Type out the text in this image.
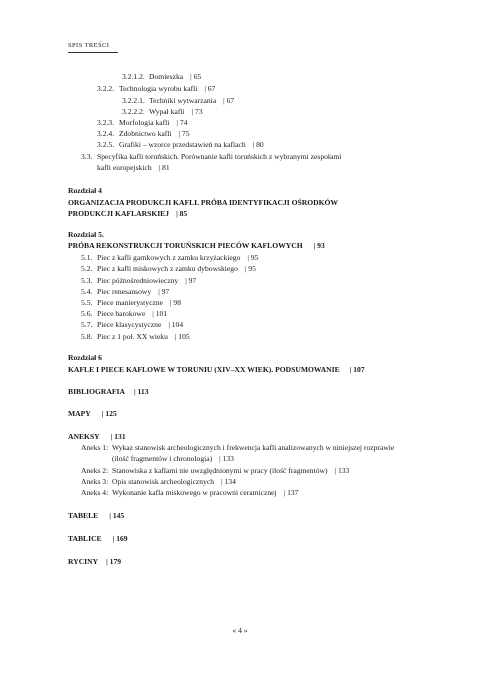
SPIS TREŚCI
3.2.1.2. Domieszka | 65
3.2.2. Technologia wyrobu kafli | 67
3.2.2.1. Techniki wytwarzania | 67
3.2.2.2. Wypał kafli | 73
3.2.3. Morfologia kafli | 74
3.2.4. Zdobnictwo kafli | 75
3.2.5. Grafiki – wzorce przedstawień na kaflach | 80
3.3. Specyfika kafli toruńskich. Porównanie kafli toruńskich z wybranymi zespołami
kafli europejskich | 81
Rozdział 4
ORGANIZACJA PRODUKCJI KAFLI. PRÓBA IDENTYFIKACJI OŚRODKÓW
PRODUKCJI KAFLARSKIEJ | 85
Rozdział 5.
PRÓBA REKONSTRUKCJI TORUŃSKICH PIECÓW KAFLOWYCH | 93
5.1. Piec z kafli garnkowych z zamku krzyżackiego | 95
5.2. Piec z kafli miskowych z zamku dybowskiego | 95
5.3. Piec późnośredniowieczny | 97
5.4. Piec renesansowy | 97
5.5. Piece manierystyczne | 98
5.6. Piece barokowe | 101
5.7. Piece klasycystyczne | 104
5.8. Piec z 1 poł. XX wieku | 105
Rozdział 6
KAFLE I PIECE KAFLOWE W TORUNIU (XIV–XX WIEK). PODSUMOWANIE | 107
BIBLIOGRAFIA | 113
MAPY | 125
ANEKSY | 131
Aneks 1: Wykaz stanowisk archeologicznych i frekwencja kafli analizowanych w niniejszej rozprawie
(ilość fragmentów i chronologia) | 133
Aneks 2: Stanowiska z kaflami nie uwzględnionymi w pracy (ilość fragmentów) | 133
Aneks 3: Opis stanowisk archeologicznych | 134
Aneks 4: Wykonanie kafla miskowego w pracowni ceramicznej | 137
TABELE | 145
TABLICE | 169
RYCINY | 179
« 4 »
